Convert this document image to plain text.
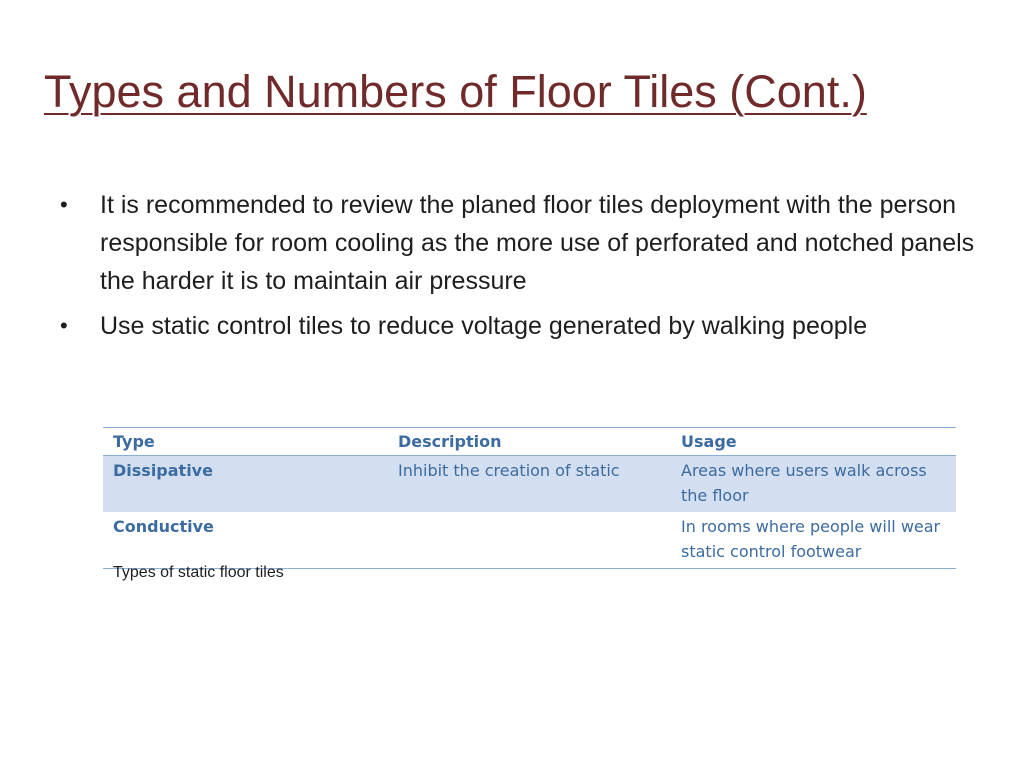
Types and Numbers of Floor Tiles (Cont.)
• It is recommended to review the planed floor tiles deployment with the person responsible for room cooling as the more use of perforated and notched panels the harder it is to maintain air pressure
• Use static control tiles to reduce voltage generated by walking people
Type	Description	Usage
Dissipative	Inhibit the creation of static	Areas where users walk across the floor
Conductive		In rooms where people will wear static control footwear
Types of static floor tiles
